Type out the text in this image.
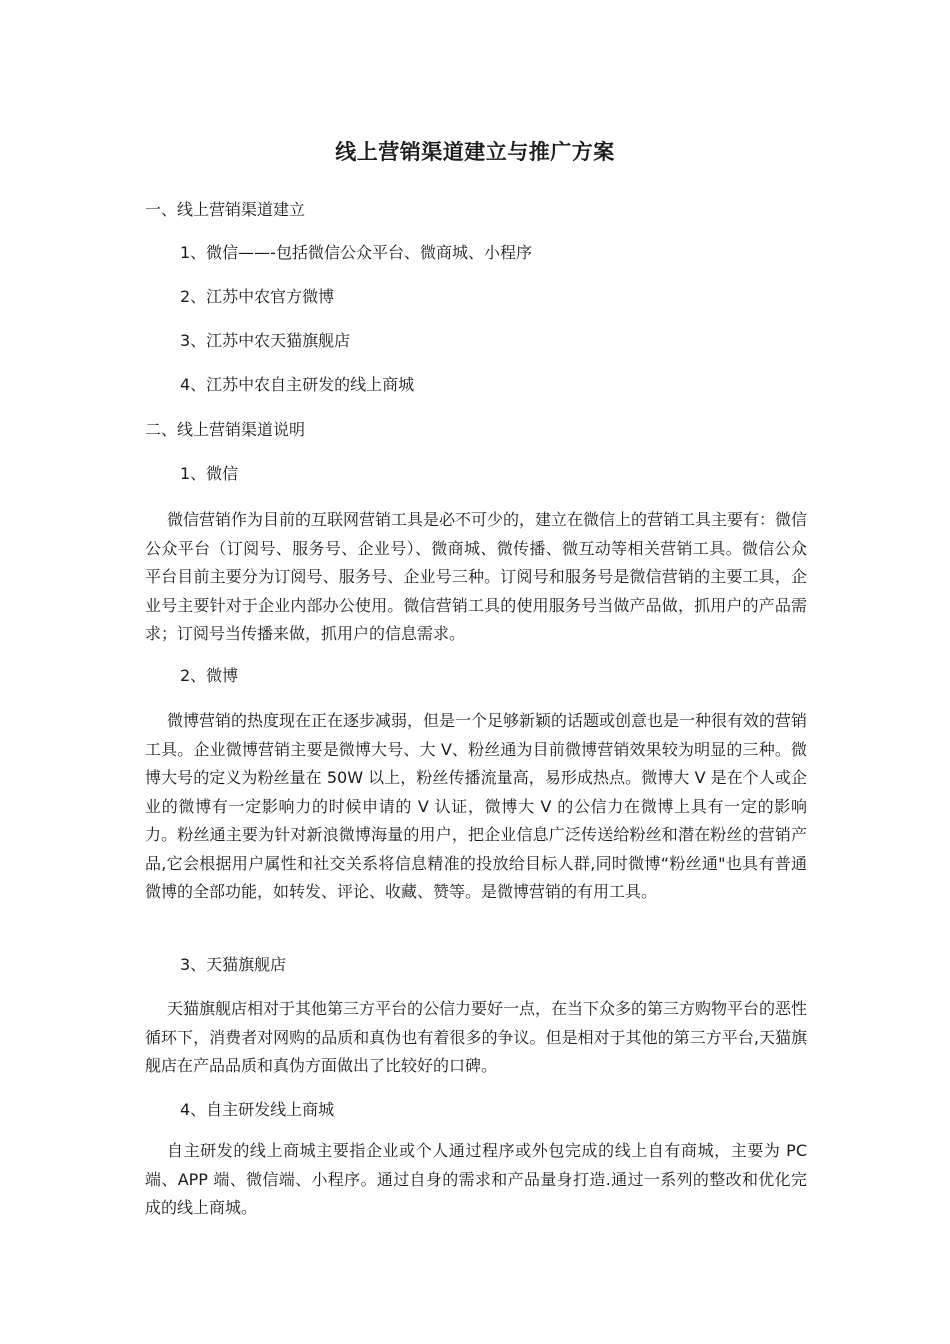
线上营销渠道建立与推广方案
一、线上营销渠道建立
1、微信——-包括微信公众平台、微商城、小程序
2、江苏中农官方微博
3、江苏中农天猫旗舰店
4、江苏中农自主研发的线上商城
二、线上营销渠道说明
1、微信
微信营销作为目前的互联网营销工具是必不可少的，建立在微信上的营销工具主要有：微信公众平台（订阅号、服务号、企业号）、微商城、微传播、微互动等相关营销工具。微信公众平台目前主要分为订阅号、服务号、企业号三种。订阅号和服务号是微信营销的主要工具，企业号主要针对于企业内部办公使用。微信营销工具的使用服务号当做产品做，抓用户的产品需求；订阅号当传播来做，抓用户的信息需求。
2、微博
微博营销的热度现在正在逐步减弱，但是一个足够新颖的话题或创意也是一种很有效的营销工具。企业微博营销主要是微博大号、大 V、粉丝通为目前微博营销效果较为明显的三种。微博大号的定义为粉丝量在 50W 以上，粉丝传播流量高，易形成热点。微博大 V 是在个人或企业的微博有一定影响力的时候申请的 V 认证，微博大 V 的公信力在微博上具有一定的影响力。粉丝通主要为针对新浪微博海量的用户，把企业信息广泛传送给粉丝和潜在粉丝的营销产品,它会根据用户属性和社交关系将信息精准的投放给目标人群,同时微博“粉丝通"也具有普通微博的全部功能，如转发、评论、收藏、赞等。是微博营销的有用工具。
3、天猫旗舰店
天猫旗舰店相对于其他第三方平台的公信力要好一点，在当下众多的第三方购物平台的恶性循环下，消费者对网购的品质和真伪也有着很多的争议。但是相对于其他的第三方平台,天猫旗舰店在产品品质和真伪方面做出了比较好的口碑。
4、自主研发线上商城
自主研发的线上商城主要指企业或个人通过程序或外包完成的线上自有商城，主要为 PC 端、APP 端、微信端、小程序。通过自身的需求和产品量身打造.通过一系列的整改和优化完成的线上商城。
